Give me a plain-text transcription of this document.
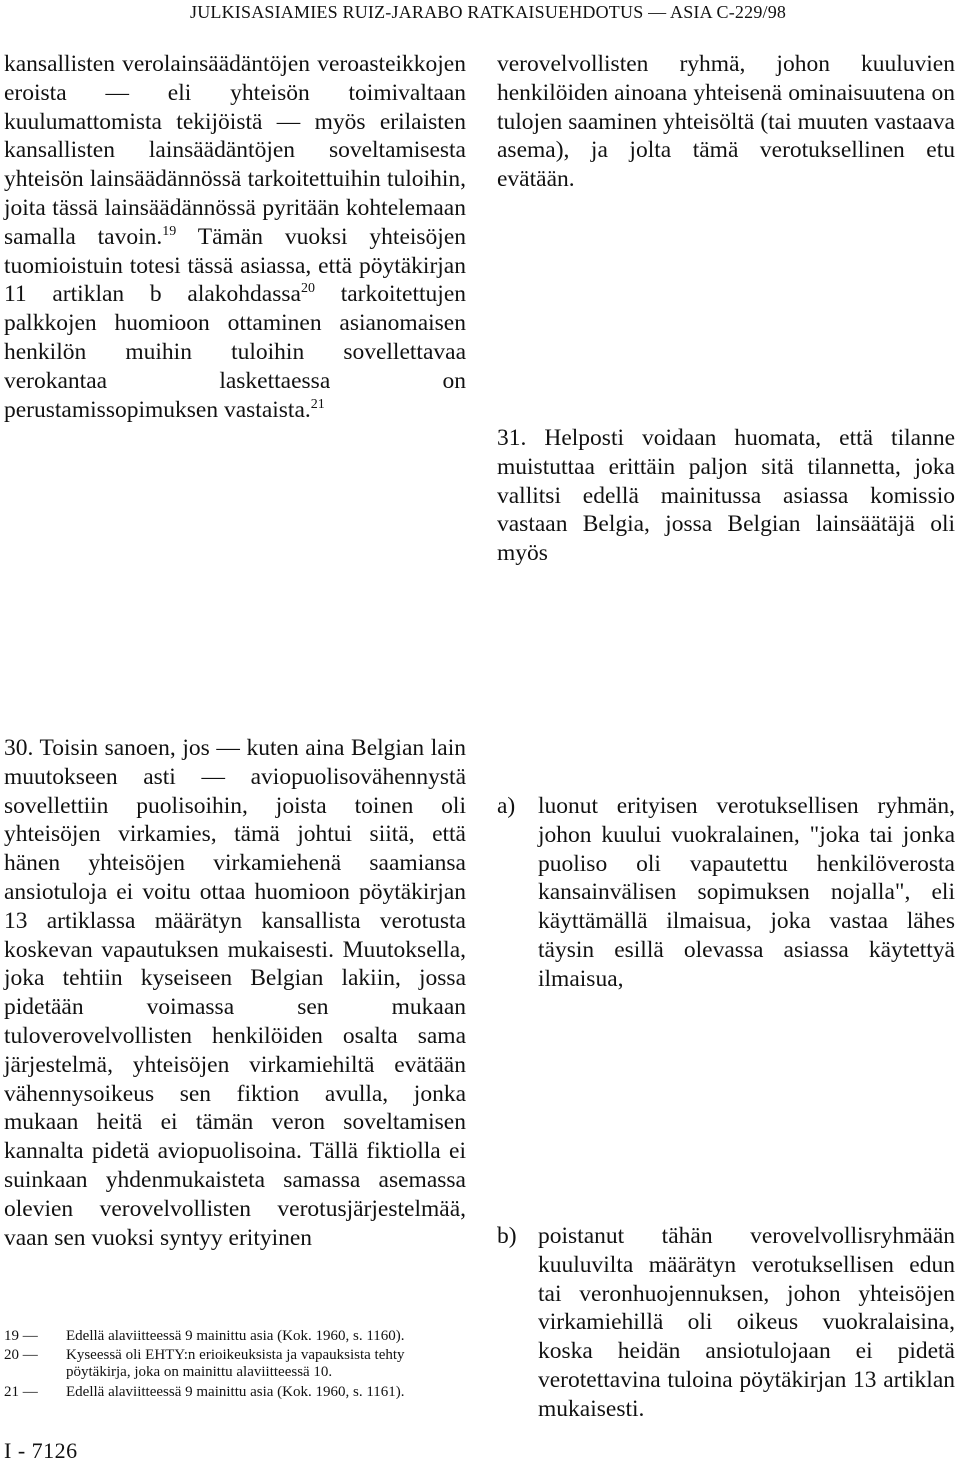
JULKISASIAMIES RUIZ-JARABO RATKAISUEHDOTUS — ASIA C-229/98

kansallisten verolainsäädäntöjen veroasteikkojen eroista — eli yhteisön toimivaltaan kuulumattomista tekijöistä — myös erilaisten kansallisten lainsäädäntöjen soveltamisesta yhteisön lainsäädännössä tarkoitettuihin tuloihin, joita tässä lainsäädännössä pyritään kohtelemaan samalla tavoin.$^{19}$ Tämän vuoksi yhteisöjen tuomioistuin totesi tässä asiassa, että pöytäkirjan 11 artiklan b alakohdassa$^{20}$ tarkoitettujen palkkojen huomioon ottaminen asianomaisen henkilön muihin tuloihin sovellettavaa verokantaa laskettaessa on perustamissopimuksen vastaista.$^{21}$

30. Toisin sanoen, jos — kuten aina Belgian lain muutokseen asti — aviopuolisovähennystä sovellettiin puolisoihin, joista toinen oli yhteisöjen virkamies, tämä johtui siitä, että hänen yhteisöjen virkamiehenä saamiansa ansiotuloja ei voitu ottaa huomioon pöytäkirjan 13 artiklassa määrätyn kansallista verotusta koskevan vapautuksen mukaisesti. Muutoksella, joka tehtiin kyseiseen Belgian lakiin, jossa pidetään voimassa sen mukaan tuloverovelvollisten henkilöiden osalta sama järjestelmä, yhteisöjen virkamiehiltä evätään vähennysoikeus sen fiktion avulla, jonka mukaan heitä ei tämän veron soveltamisen kannalta pidetä aviopuolisoina. Tällä fiktiolla ei suinkaan yhdenmukaisteta samassa asemassa olevien verovelvollisten verotusjärjestelmää, vaan sen vuoksi syntyy erityinen

verovelvollisten ryhmä, johon kuuluvien henkilöiden ainoana yhteisenä ominaisuutena on tulojen saaminen yhteisöltä (tai muuten vastaava asema), ja jolta tämä verotuksellinen etu evätään.

31. Helposti voidaan huomata, että tilanne muistuttaa erittäin paljon sitä tilannetta, joka vallitsi edellä mainitussa asiassa komissio vastaan Belgia, jossa Belgian lainsäätäjä oli myös

a) luonut erityisen verotuksellisen ryhmän, johon kuului vuokralainen, "joka tai jonka puoliso oli vapautettu henkilöverosta kansainvälisen sopimuksen nojalla", eli käyttämällä ilmaisua, joka vastaa lähes täysin esillä olevassa asiassa käytettyä ilmaisua,

b) poistanut tähän verovelvollisryhmään kuuluvilta määrätyn verotuksellisen edun tai veronhuojennuksen, johon yhteisöjen virkamiehillä oli oikeus vuokralaisina, koska heidän ansiotulojaan ei pidetä verotettavina tuloina pöytäkirjan 13 artiklan mukaisesti.

19 — Edellä alaviitteessä 9 mainittu asia (Kok. 1960, s. 1160).
20 — Kyseessä oli EHTY:n erioikeuksista ja vapauksista tehty
pöytäkirja, joka on mainittu alaviitteessä 10.
21 — Edellä alaviitteessä 9 mainittu asia (Kok. 1960, s. 1161).
I - 7126
